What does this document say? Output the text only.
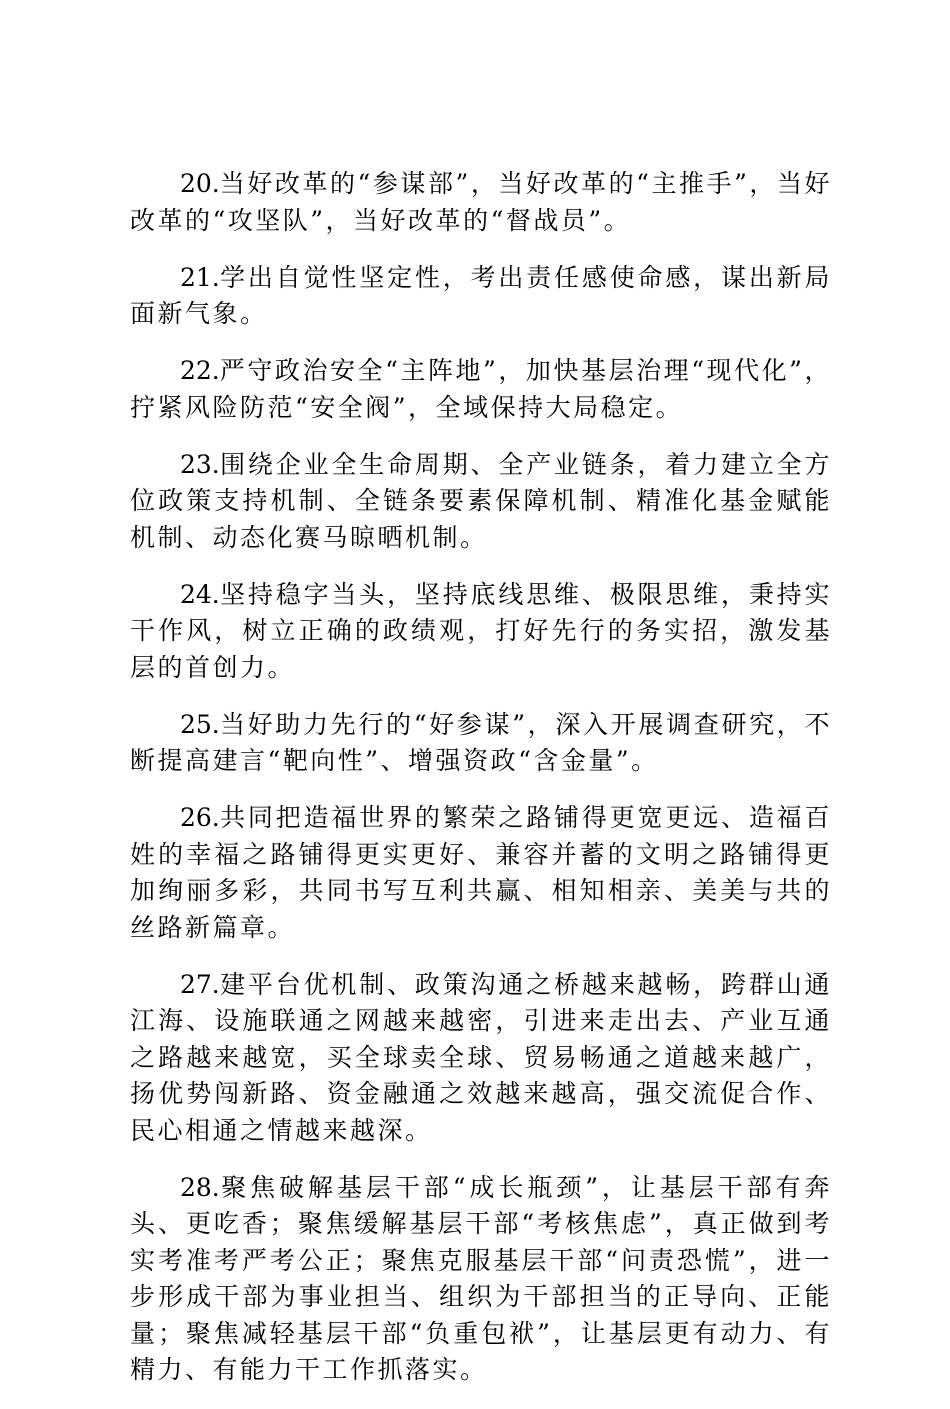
20.当好改革的“参谋部”，当好改革的“主推手”，当好改革的“攻坚队”，当好改革的“督战员”。

21.学出自觉性坚定性，考出责任感使命感，谋出新局面新气象。

22.严守政治安全“主阵地”，加快基层治理“现代化”，拧紧风险防范“安全阀”，全域保持大局稳定。

23.围绕企业全生命周期、全产业链条，着力建立全方位政策支持机制、全链条要素保障机制、精准化基金赋能机制、动态化赛马晾晒机制。

24.坚持稳字当头，坚持底线思维、极限思维，秉持实干作风，树立正确的政绩观，打好先行的务实招，激发基层的首创力。

25.当好助力先行的“好参谋”，深入开展调查研究，不断提高建言“靶向性”、增强资政“含金量”。

26.共同把造福世界的繁荣之路铺得更宽更远、造福百姓的幸福之路铺得更实更好、兼容并蓄的文明之路铺得更加绚丽多彩，共同书写互利共赢、相知相亲、美美与共的丝路新篇章。

27.建平台优机制、政策沟通之桥越来越畅，跨群山通江海、设施联通之网越来越密，引进来走出去、产业互通之路越来越宽，买全球卖全球、贸易畅通之道越来越广，扬优势闯新路、资金融通之效越来越高，强交流促合作、民心相通之情越来越深。

28.聚焦破解基层干部“成长瓶颈”，让基层干部有奔头、更吃香；聚焦缓解基层干部“考核焦虑”，真正做到考实考准考严考公正；聚焦克服基层干部“问责恐慌”，进一步形成干部为事业担当、组织为干部担当的正导向、正能量；聚焦减轻基层干部“负重包袱”，让基层更有动力、有精力、有能力干工作抓落实。
